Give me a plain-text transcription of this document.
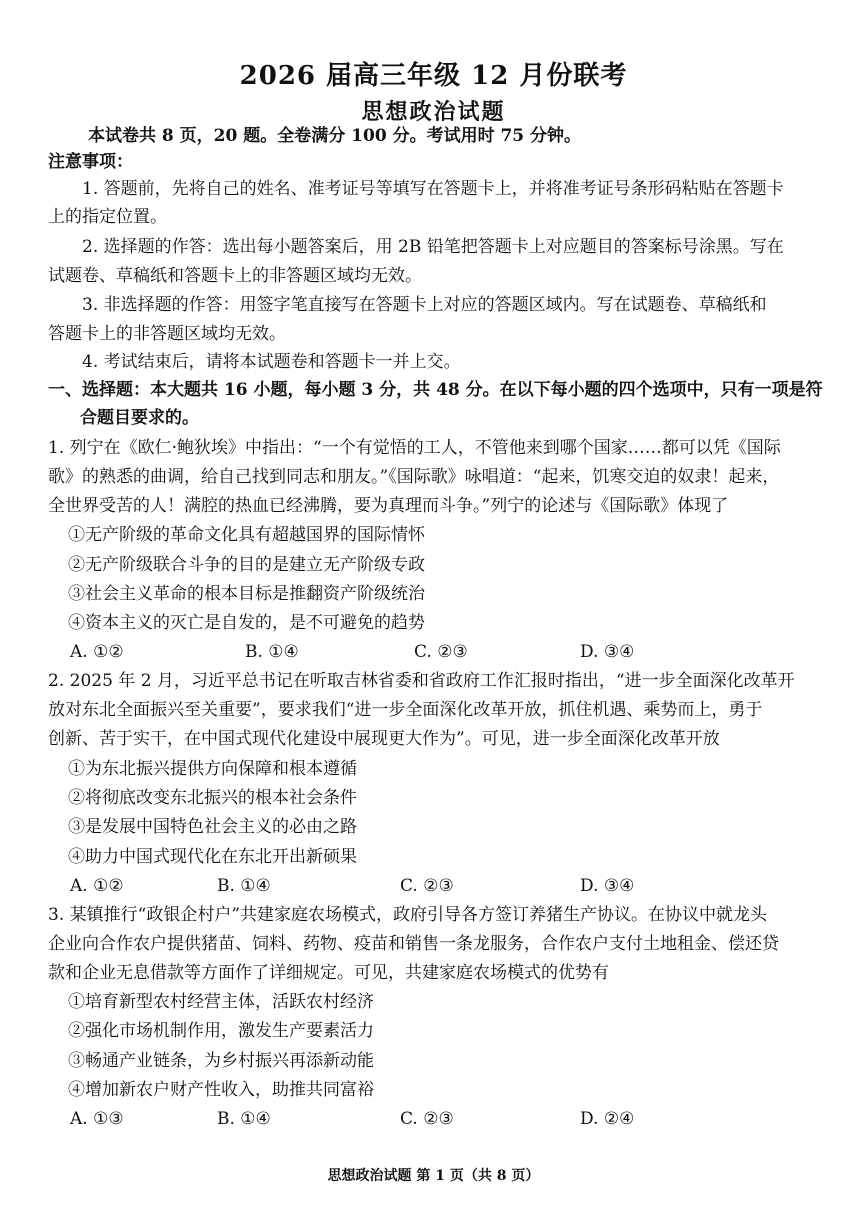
2026 届高三年级 12 月份联考
思想政治试题
本试卷共 8 页，20 题。全卷满分 100 分。考试用时 75 分钟。
注意事项：
1. 答题前，先将自己的姓名、准考证号等填写在答题卡上，并将准考证号条形码粘贴在答题卡
上的指定位置。
2. 选择题的作答：选出每小题答案后，用 2B 铅笔把答题卡上对应题目的答案标号涂黑。写在
试题卷、草稿纸和答题卡上的非答题区域均无效。
3. 非选择题的作答：用签字笔直接写在答题卡上对应的答题区域内。写在试题卷、草稿纸和
答题卡上的非答题区域均无效。
4. 考试结束后，请将本试题卷和答题卡一并上交。
一、选择题：本大题共 16 小题，每小题 3 分，共 48 分。在以下每小题的四个选项中，只有一项是符
合题目要求的。
1. 列宁在《欧仁·鲍狄埃》中指出：“一个有觉悟的工人，不管他来到哪个国家……都可以凭《国际
歌》的熟悉的曲调，给自己找到同志和朋友。”《国际歌》咏唱道：“起来，饥寒交迫的奴隶！起来，
全世界受苦的人！满腔的热血已经沸腾，要为真理而斗争。”列宁的论述与《国际歌》体现了
①无产阶级的革命文化具有超越国界的国际情怀
②无产阶级联合斗争的目的是建立无产阶级专政
③社会主义革命的根本目标是推翻资产阶级统治
④资本主义的灭亡是自发的，是不可避免的趋势
A. ①②	B. ①④	C. ②③	D. ③④
2. 2025 年 2 月，习近平总书记在听取吉林省委和省政府工作汇报时指出，“进一步全面深化改革开
放对东北全面振兴至关重要”，要求我们“进一步全面深化改革开放，抓住机遇、乘势而上，勇于
创新、苦于实干，在中国式现代化建设中展现更大作为”。可见，进一步全面深化改革开放
①为东北振兴提供方向保障和根本遵循
②将彻底改变东北振兴的根本社会条件
③是发展中国特色社会主义的必由之路
④助力中国式现代化在东北开出新硕果
A. ①②	B. ①④	C. ②③	D. ③④
3. 某镇推行“政银企村户”共建家庭农场模式，政府引导各方签订养猪生产协议。在协议中就龙头
企业向合作农户提供猪苗、饲料、药物、疫苗和销售一条龙服务，合作农户支付土地租金、偿还贷
款和企业无息借款等方面作了详细规定。可见，共建家庭农场模式的优势有
①培育新型农村经营主体，活跃农村经济
②强化市场机制作用，激发生产要素活力
③畅通产业链条，为乡村振兴再添新动能
④增加新农户财产性收入，助推共同富裕
A. ①③	B. ①④	C. ②③	D. ②④
思想政治试题 第 1 页（共 8 页）
